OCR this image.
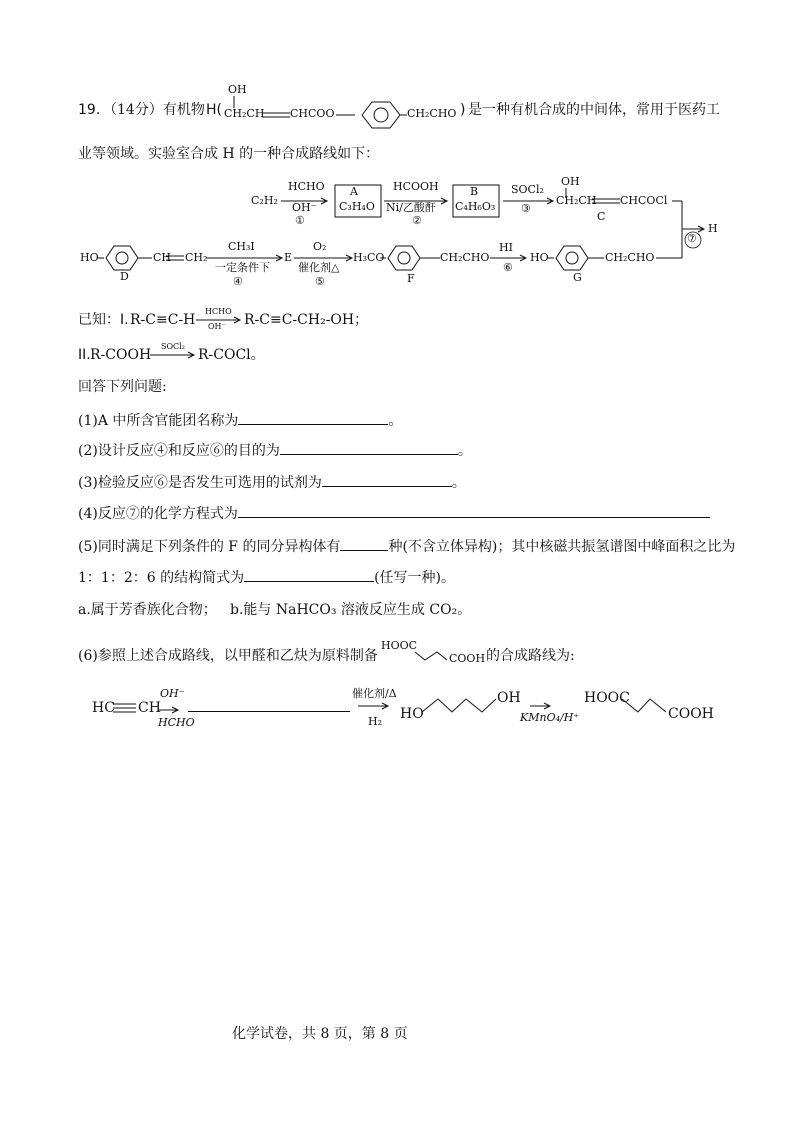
19. （14分）有机物 H(
OH
CH₂CH CHCOO	CH₂CHO ) 是一种有机合成的中间体，常用于医药工
业等领域。实验室合成 H 的一种合成路线如下：
C₂H₂
HCHO
OH⁻
①
A
C₃H₄O
HCOOH
Ni/乙酸酐
②
B
C₄H₆O₃
SOCl₂
③
OH
CH₂CH CHCOCl
C
⑦
H
HO	CH CH₂
D
CH₃I
一定条件下
④
E
O₂
催化剂△
⑤
H₃CO	CH₂CHO
F
HI
⑥
HO	CH₂CHO
G
已知： I. R-C≡C-H
HCHO
OH⁻ R-C≡C-CH₂-OH；
II. R-COOH
SOCl₂
R-COCl。
回答下列问题:
(1)A 中所含官能团名称为	。
(2)设计反应④和反应⑥的目的为	。
(3)检验反应⑥是否发生可选用的试剂为	。
(4)反应⑦的化学方程式为
(5)同时满足下列条件的 F 的同分异构体有	种(不含立体异构)；其中核磁共振氢谱图中峰面积之比为
1：1：2：6 的结构简式为	(任写一种)。
a.属于芳香族化合物； b.能与 NaHCO₃ 溶液反应生成 CO₂。
(6)参照上述合成路线，以甲醛和乙炔为原料制备
HOOC
COOH 的合成路线为:
HC CH
OH⁻
HCHO
催化剂/Δ
H₂ HO
OH
KMnO₄/H⁺
HOOC
COOH
化学试卷，共 8 页，第 8 页
